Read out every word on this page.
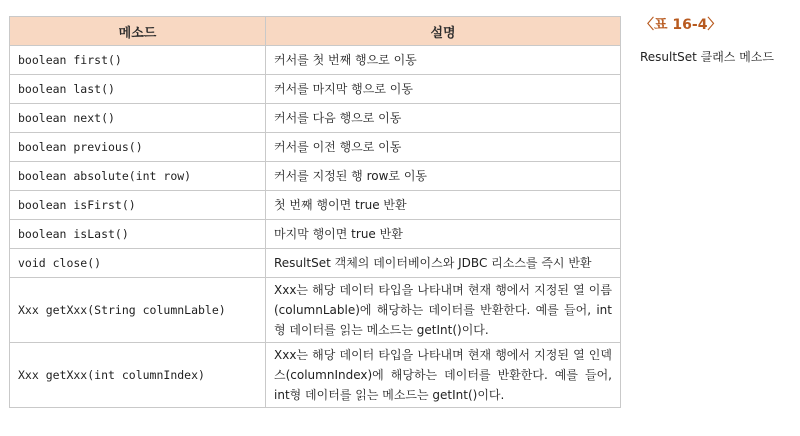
메소드	설명
boolean first()	커서를 첫 번째 행으로 이동
boolean last()	커서를 마지막 행으로 이동
boolean next()	커서를 다음 행으로 이동
boolean previous()	커서를 이전 행으로 이동
boolean absolute(int row)	커서를 지정된 행 row로 이동
boolean isFirst()	첫 번째 행이면 true 반환
boolean isLast()	마지막 행이면 true 반환
void close()	ResultSet 객체의 데이터베이스와 JDBC 리소스를 즉시 반환
Xxx getXxx(String columnLable)	Xxx는 해당 데이터 타입을 나타내며 현재 행에서 지정된 열 이름(columnLable)에 해당하는 데이터를 반환한다. 예를 들어, int형 데이터를 읽는 메소드는 getInt()이다.
Xxx getXxx(int columnIndex)	Xxx는 해당 데이터 타입을 나타내며 현재 행에서 지정된 열 인덱스(columnIndex)에 해당하는 데이터를 반환한다. 예를 들어, int형 데이터를 읽는 메소드는 getInt()이다.
〈표 16-4〉
ResultSet 클래스 메소드
